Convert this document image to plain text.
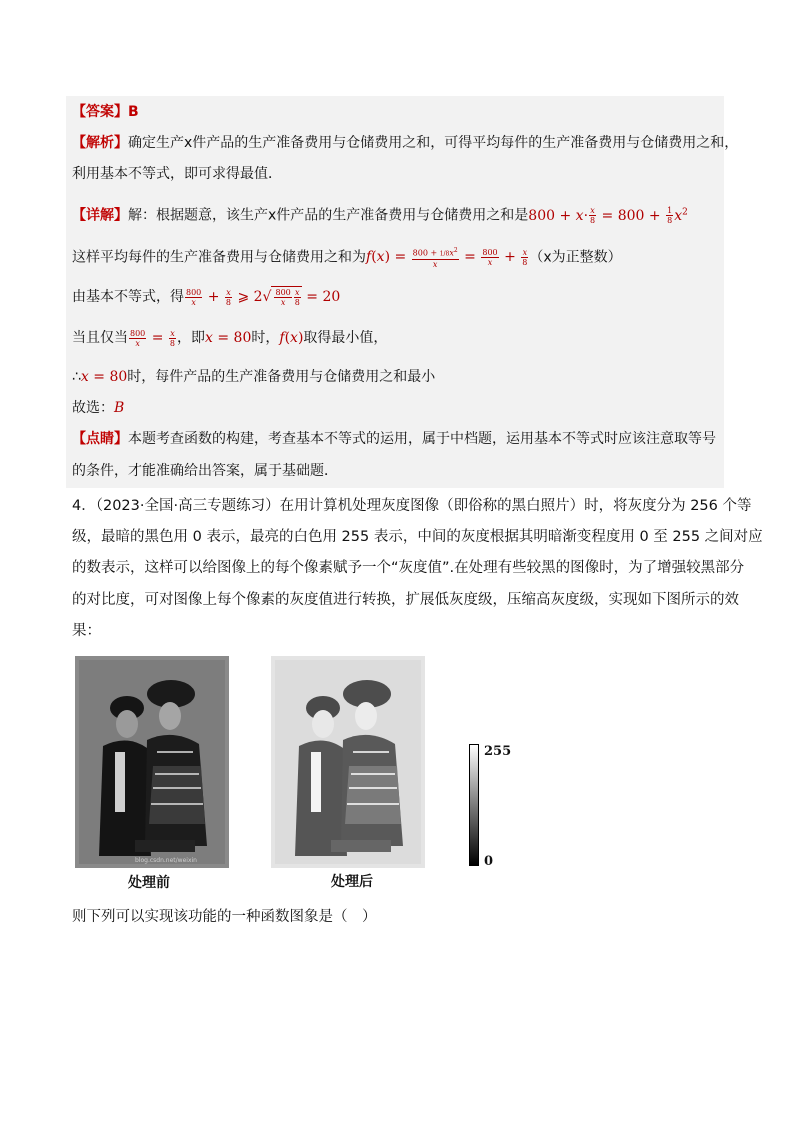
【答案】B
【解析】确定生产x件产品的生产准备费用与仓储费用之和，可得平均每件的生产准备费用与仓储费用之和，
利用基本不等式，即可求得最值．
【详解】解：根据题意，该生产x件产品的生产准备费用与仓储费用之和是$800 + x\cdot \frac{x}{8} = 800 + \frac{1}{8} x^2$
这样平均每件的生产准备费用与仓储费用之和为$f(x) = \frac{800 + 1/8x^2}{x} = \frac{800}{x} + \frac{x}{8} (x$为正整数）
由基本不等式，得 $\frac{800}{x} + \frac{x}{8}$ ⩾ $2√ \frac{800}{x} \frac{x}{8} = 20$
当且仅当 $\frac{800}{x} = \frac{x}{8}$ ，即x = 80时，f(x)取得最小值，
∴x = 80时，每件产品的生产准备费用与仓储费用之和最小
故选：B
【点睛】本题考查函数的构建，考查基本不等式的运用，属于中档题，运用基本不等式时应该注意取等号
的条件，才能准确给出答案，属于基础题．
4．（2023·全国·高三专题练习）在用计算机处理灰度图像（即俗称的黑白照片）时，将灰度分为 256 个等
级，最暗的黑色用 0 表示，最亮的白色用 255 表示，中间的灰度根据其明暗渐变程度用 0 至 255 之间对应
的数表示，这样可以给图像上的每个像素赋予一个“灰度值”.在处理有些较黑的图像时，为了增强较黑部分
的对比度，可对图像上每个像素的灰度值进行转换，扩展低灰度级，压缩高灰度级，实现如下图所示的效
果：
blog.csdn.net/weixin
处理前	处理后
255
0
则下列可以实现该功能的一种函数图象是（　）
